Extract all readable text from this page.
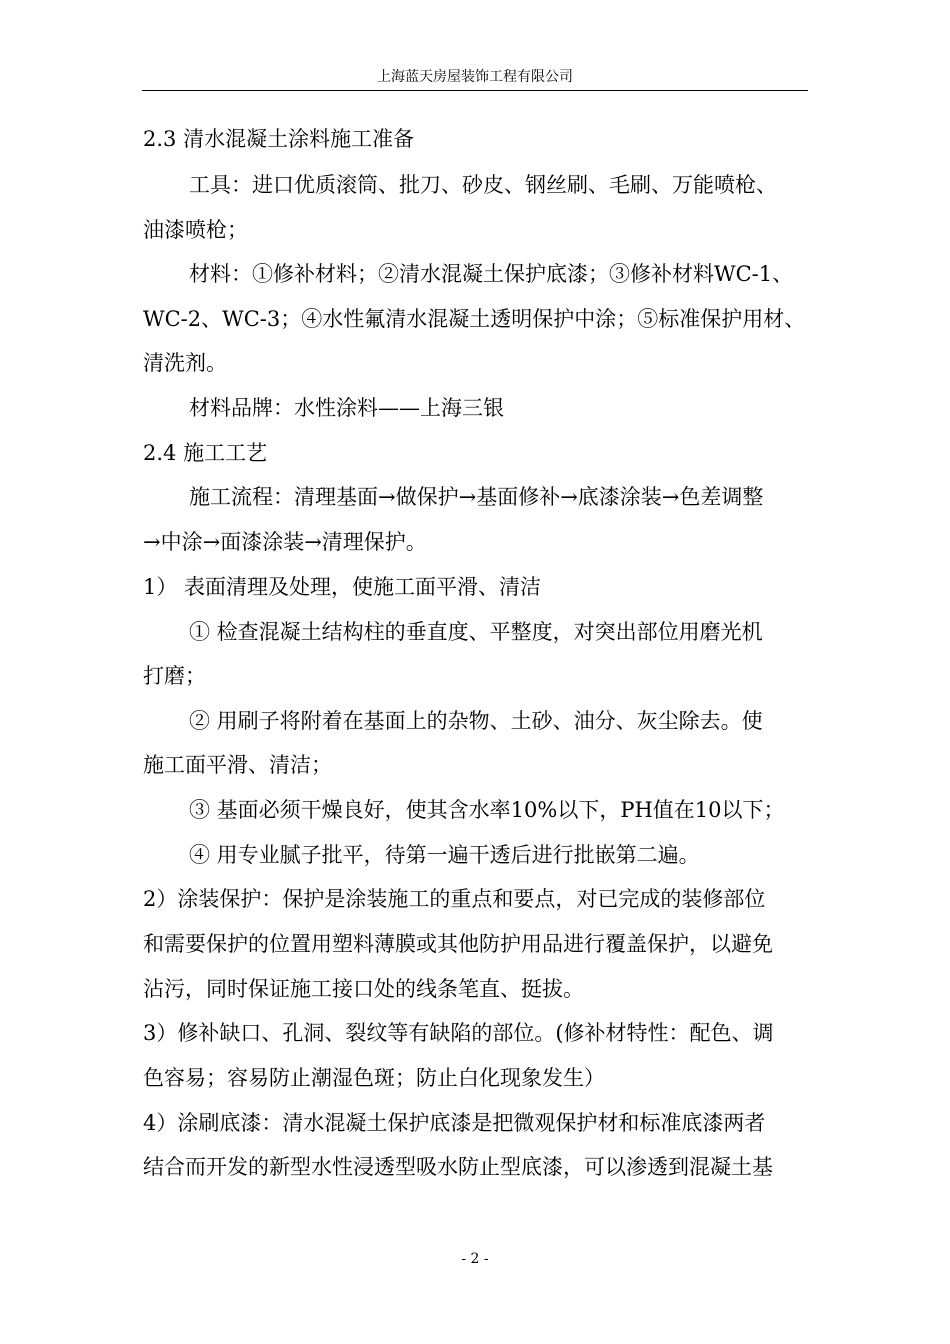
上海蓝天房屋装饰工程有限公司
2.3 清水混凝土涂料施工准备
工具：进口优质滚筒、批刀、砂皮、钢丝刷、毛刷、万能喷枪、
油漆喷枪；
材料：①修补材料；②清水混凝土保护底漆；③修补材料WC-1、
WC-2、WC-3；④水性氟清水混凝土透明保护中涂；⑤标准保护用材、
清洗剂。
材料品牌：水性涂料——上海三银
2.4 施工工艺
施工流程：清理基面→做保护→基面修补→底漆涂装→色差调整
→中涂→面漆涂装→清理保护。
1） 表面清理及处理，使施工面平滑、清洁
① 检查混凝土结构柱的垂直度、平整度，对突出部位用磨光机
打磨；
② 用刷子将附着在基面上的杂物、土砂、油分、灰尘除去。使
施工面平滑、清洁；
③ 基面必须干燥良好，使其含水率10%以下，PH值在10以下；
④ 用专业腻子批平，待第一遍干透后进行批嵌第二遍。
2）涂装保护：保护是涂装施工的重点和要点，对已完成的装修部位
和需要保护的位置用塑料薄膜或其他防护用品进行覆盖保护，以避免
沾污，同时保证施工接口处的线条笔直、挺拔。
3）修补缺口、孔洞、裂纹等有缺陷的部位。(修补材特性：配色、调
色容易；容易防止潮湿色斑；防止白化现象发生）
4）涂刷底漆：清水混凝土保护底漆是把微观保护材和标准底漆两者
结合而开发的新型水性浸透型吸水防止型底漆，可以渗透到混凝土基
- 2 -
